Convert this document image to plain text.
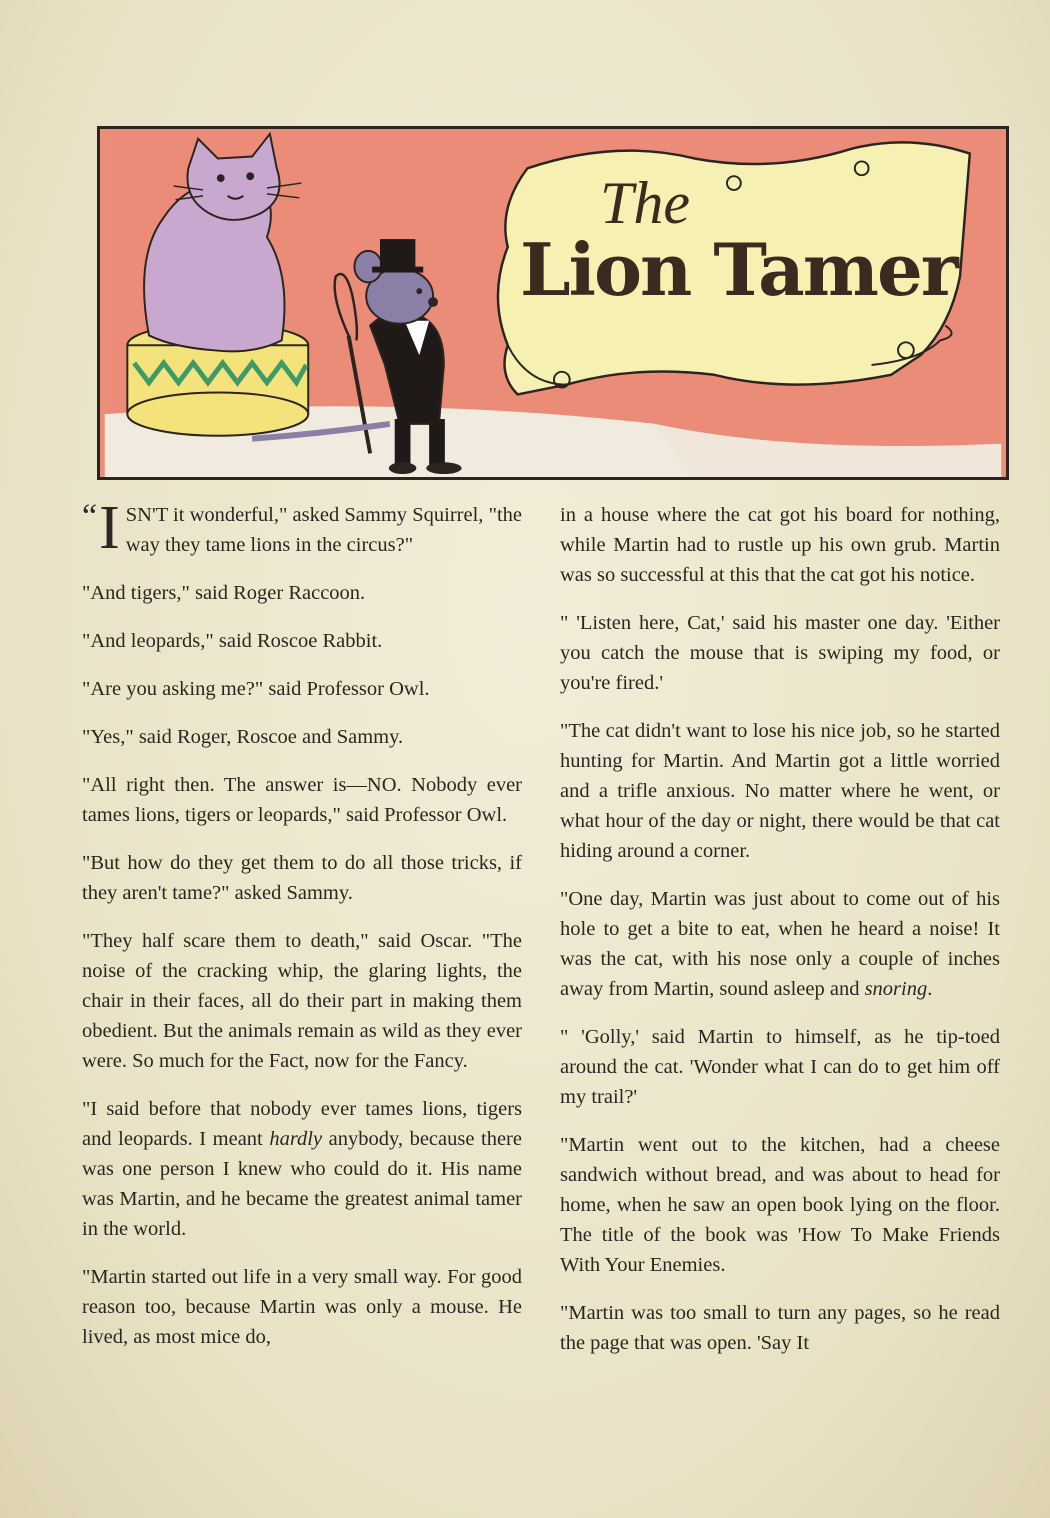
The
Lion Tamer

“ I SN'T it wonderful," asked Sammy Squirrel, "the way they tame lions in the circus?"

"And tigers," said Roger Raccoon.

"And leopards," said Roscoe Rabbit.

"Are you asking me?" said Professor Owl.

"Yes," said Roger, Roscoe and Sammy.

"All right then. The answer is—NO. Nobody ever tames lions, tigers or leopards," said Professor Owl.

"But how do they get them to do all those tricks, if they aren't tame?" asked Sammy.

"They half scare them to death," said Oscar. "The noise of the cracking whip, the glaring lights, the chair in their faces, all do their part in making them obedient. But the animals remain as wild as they ever were. So much for the Fact, now for the Fancy.

"I said before that nobody ever tames lions, tigers and leopards. I meant hardly anybody, because there was one person I knew who could do it. His name was Martin, and he became the greatest animal tamer in the world.

"Martin started out life in a very small way. For good reason too, because Martin was only a mouse. He lived, as most mice do,

in a house where the cat got his board for nothing, while Martin had to rustle up his own grub. Martin was so successful at this that the cat got his notice.

" 'Listen here, Cat,' said his master one day. 'Either you catch the mouse that is swiping my food, or you're fired.'

"The cat didn't want to lose his nice job, so he started hunting for Martin. And Martin got a little worried and a trifle anxious. No matter where he went, or what hour of the day or night, there would be that cat hiding around a corner.

"One day, Martin was just about to come out of his hole to get a bite to eat, when he heard a noise! It was the cat, with his nose only a couple of inches away from Martin, sound asleep and snoring.

" 'Golly,' said Martin to himself, as he tip-toed around the cat. 'Wonder what I can do to get him off my trail?'

"Martin went out to the kitchen, had a cheese sandwich without bread, and was about to head for home, when he saw an open book lying on the floor. The title of the book was 'How To Make Friends With Your Enemies.

"Martin was too small to turn any pages, so he read the page that was open. 'Say It
